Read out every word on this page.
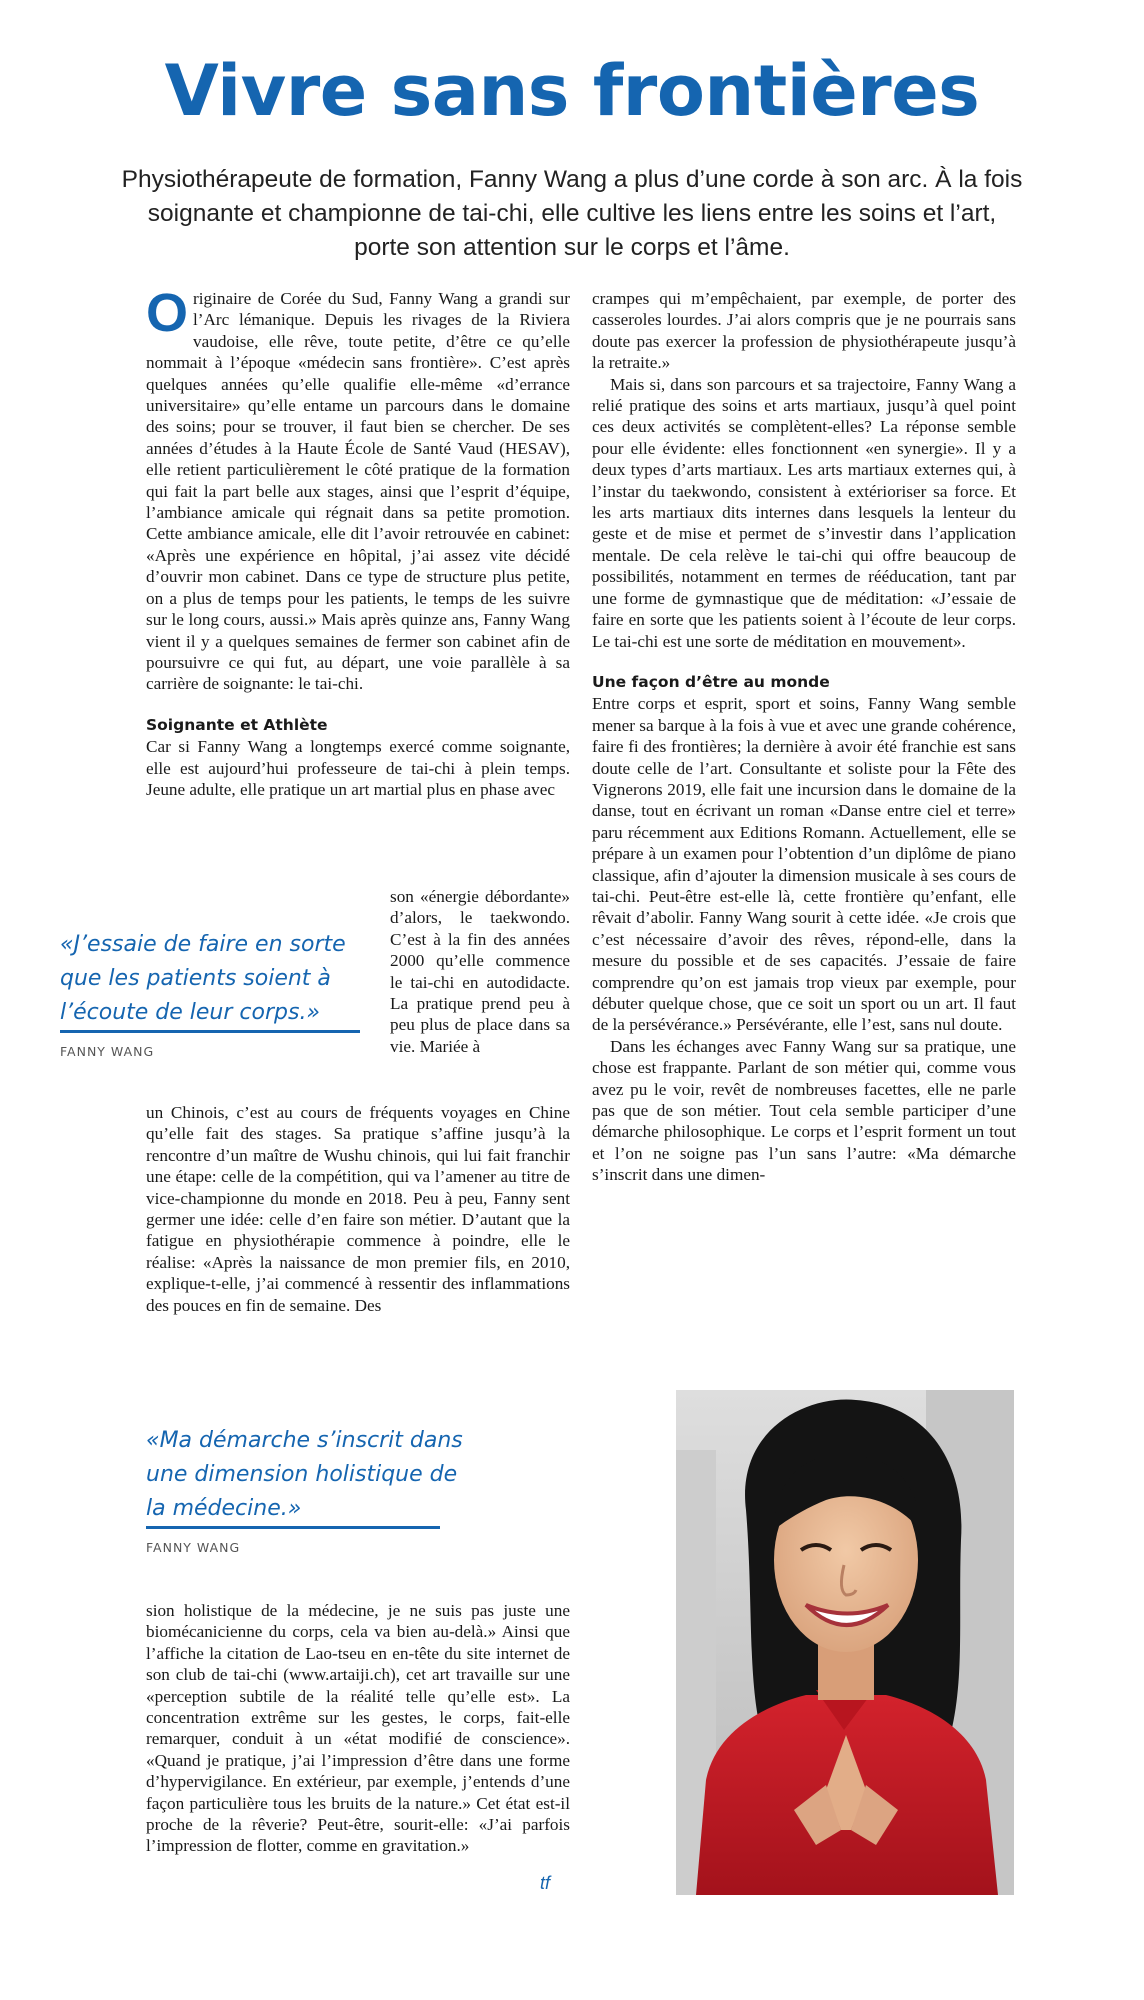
Vivre sans frontières

Physiothérapeute de formation, Fanny Wang a plus d’une corde à son arc. À la fois soignante et championne de tai-chi, elle cultive les liens entre les soins et l’art, porte son attention sur le corps et l’âme.

Originaire de Corée du Sud, Fanny Wang a grandi sur l’Arc lémanique. Depuis les rivages de la Riviera vaudoise, elle rêve, toute petite, d’être ce qu’elle nommait à l’époque «médecin sans frontière». C’est après quelques années qu’elle qualifie elle-même «d’errance universitaire» qu’elle entame un parcours dans le domaine des soins; pour se trouver, il faut bien se chercher. De ses années d’études à la Haute École de Santé Vaud (HESAV), elle retient particulièrement le côté pratique de la formation qui fait la part belle aux stages, ainsi que l’esprit d’équipe, l’ambiance amicale qui régnait dans sa petite promotion. Cette ambiance amicale, elle dit l’avoir retrouvée en cabinet: «Après une expérience en hôpital, j’ai assez vite décidé d’ouvrir mon cabinet. Dans ce type de structure plus petite, on a plus de temps pour les patients, le temps de les suivre sur le long cours, aussi.» Mais après quinze ans, Fanny Wang vient il y a quelques semaines de fermer son cabinet afin de poursuivre ce qui fut, au départ, une voie parallèle à sa carrière de soignante: le tai-chi.

Soignante et Athlète

Car si Fanny Wang a longtemps exercé comme soignante, elle est aujourd’hui professeure de tai-chi à plein temps. Jeune adulte, elle pratique un art martial plus en phase avec

son «énergie débordante» d’alors, le taekwondo. C’est à la fin des années 2000 qu’elle commence le tai-chi en autodidacte. La pratique prend peu à peu plus de place dans sa vie. Mariée à

«J’essaie de faire en sorte que les patients soient à l’écoute de leur corps.»
FANNY WANG

un Chinois, c’est au cours de fréquents voyages en Chine qu’elle fait des stages. Sa pratique s’affine jusqu’à la rencontre d’un maître de Wushu chinois, qui lui fait franchir une étape: celle de la compétition, qui va l’amener au titre de vice-championne du monde en 2018. Peu à peu, Fanny sent germer une idée: celle d’en faire son métier. D’autant que la fatigue en physiothérapie commence à poindre, elle le réalise: «Après la naissance de mon premier fils, en 2010, explique-t-elle, j’ai commencé à ressentir des inflammations des pouces en fin de semaine. Des

crampes qui m’empêchaient, par exemple, de porter des casseroles lourdes. J’ai alors compris que je ne pourrais sans doute pas exercer la profession de physiothérapeute jusqu’à la retraite.»

Mais si, dans son parcours et sa trajectoire, Fanny Wang a relié pratique des soins et arts martiaux, jusqu’à quel point ces deux activités se complètent-elles? La réponse semble pour elle évidente: elles fonctionnent «en synergie». Il y a deux types d’arts martiaux. Les arts martiaux externes qui, à l’instar du taekwondo, consistent à extérioriser sa force. Et les arts martiaux dits internes dans lesquels la lenteur du geste et de mise et permet de s’investir dans l’application mentale. De cela relève le tai-chi qui offre beaucoup de possibilités, notamment en termes de rééducation, tant par une forme de gymnastique que de méditation: «J’essaie de faire en sorte que les patients soient à l’écoute de leur corps. Le tai-chi est une sorte de méditation en mouvement».

Une façon d’être au monde

Entre corps et esprit, sport et soins, Fanny Wang semble mener sa barque à la fois à vue et avec une grande cohérence, faire fi des frontières; la dernière à avoir été franchie est sans doute celle de l’art. Consultante et soliste pour la Fête des Vignerons 2019, elle fait une incursion dans le domaine de la danse, tout en écrivant un roman «Danse entre ciel et terre» paru récemment aux Editions Romann. Actuellement, elle se prépare à un examen pour l’obtention d’un diplôme de piano classique, afin d’ajouter la dimension musicale à ses cours de tai-chi. Peut-être est-elle là, cette frontière qu’enfant, elle rêvait d’abolir. Fanny Wang sourit à cette idée. «Je crois que c’est nécessaire d’avoir des rêves, répond-elle, dans la mesure du possible et de ses capacités. J’essaie de faire comprendre qu’on est jamais trop vieux par exemple, pour débuter quelque chose, que ce soit un sport ou un art. Il faut de la persévérance.» Persévérante, elle l’est, sans nul doute.

Dans les échanges avec Fanny Wang sur sa pratique, une chose est frappante. Parlant de son métier qui, comme vous avez pu le voir, revêt de nombreuses facettes, elle ne parle pas que de son métier. Tout cela semble participer d’une démarche philosophique. Le corps et l’esprit forment un tout et l’on ne soigne pas l’un sans l’autre: «Ma démarche s’inscrit dans une dimen-

«Ma démarche s’inscrit dans une dimension holistique de la médecine.»
FANNY WANG

sion holistique de la médecine, je ne suis pas juste une biomécanicienne du corps, cela va bien au-delà.» Ainsi que l’affiche la citation de Lao-tseu en en-tête du site internet de son club de tai-chi (www.artaiji.ch), cet art travaille sur une «perception subtile de la réalité telle qu’elle est». La concentration extrême sur les gestes, le corps, fait-elle remarquer, conduit à un «état modifié de conscience». «Quand je pratique, j’ai l’impression d’être dans une forme d’hypervigilance. En extérieur, par exemple, j’entends d’une façon particulière tous les bruits de la nature.» Cet état est-il proche de la rêverie? Peut-être, sourit-elle: «J’ai parfois l’impression de flotter, comme en gravitation.»

tf
